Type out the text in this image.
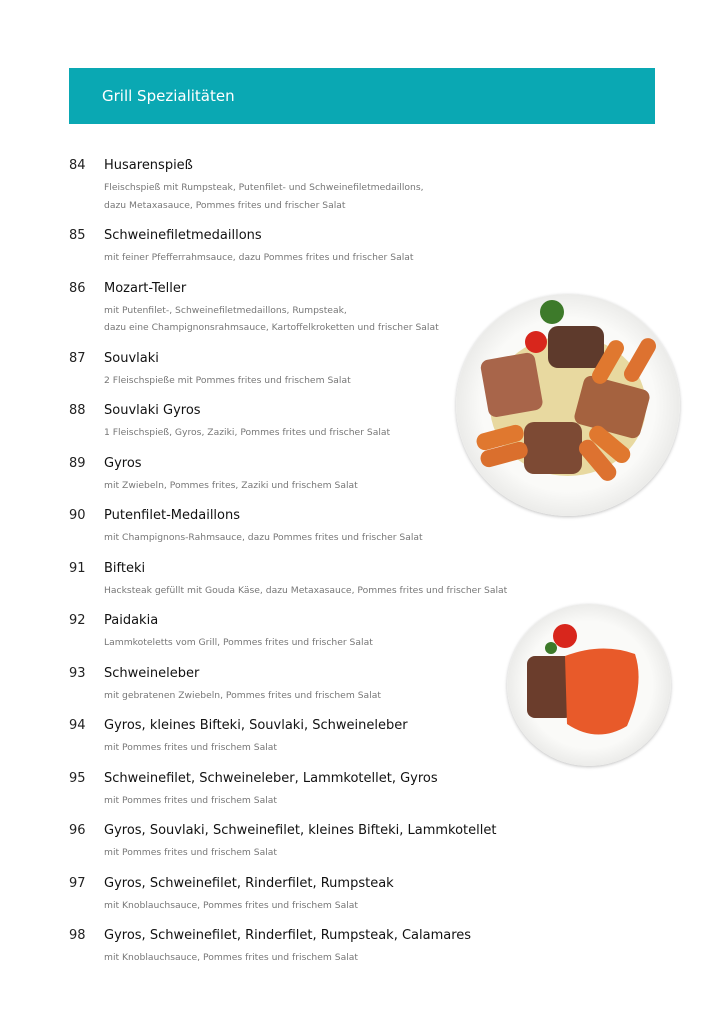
Grill Spezialitäten
84 Husarenspieß
Fleischspieß mit Rumpsteak, Putenfilet- und Schweinefiletmedaillons,
dazu Metaxasauce, Pommes frites und frischer Salat
85 Schweinefiletmedaillons
mit feiner Pfefferrahmsauce, dazu Pommes frites und frischer Salat
86 Mozart-Teller
mit Putenfilet-, Schweinefiletmedaillons, Rumpsteak,
dazu eine Champignonsrahmsauce, Kartoffelkroketten und frischer Salat
87 Souvlaki
2 Fleischspieße mit Pommes frites und frischem Salat
88 Souvlaki Gyros
1 Fleischspieß, Gyros, Zaziki, Pommes frites und frischer Salat
89 Gyros
mit Zwiebeln, Pommes frites, Zaziki und frischem Salat
90 Putenfilet-Medaillons
mit Champignons-Rahmsauce, dazu Pommes frites und frischer Salat
91 Bifteki
Hacksteak gefüllt mit Gouda Käse, dazu Metaxasauce, Pommes frites und frischer Salat
92 Paidakia
Lammkoteletts vom Grill, Pommes frites und frischer Salat
93 Schweineleber
mit gebratenen Zwiebeln, Pommes frites und frischem Salat
94 Gyros, kleines Bifteki, Souvlaki, Schweineleber
mit Pommes frites und frischem Salat
95 Schweinefilet, Schweineleber, Lammkotellet, Gyros
mit Pommes frites und frischem Salat
96 Gyros, Souvlaki, Schweinefilet, kleines Bifteki, Lammkotellet
mit Pommes frites und frischem Salat
97 Gyros, Schweinefilet, Rinderfilet, Rumpsteak
mit Knoblauchsauce, Pommes frites und frischem Salat
98 Gyros, Schweinefilet, Rinderfilet, Rumpsteak, Calamares
mit Knoblauchsauce, Pommes frites und frischem Salat
